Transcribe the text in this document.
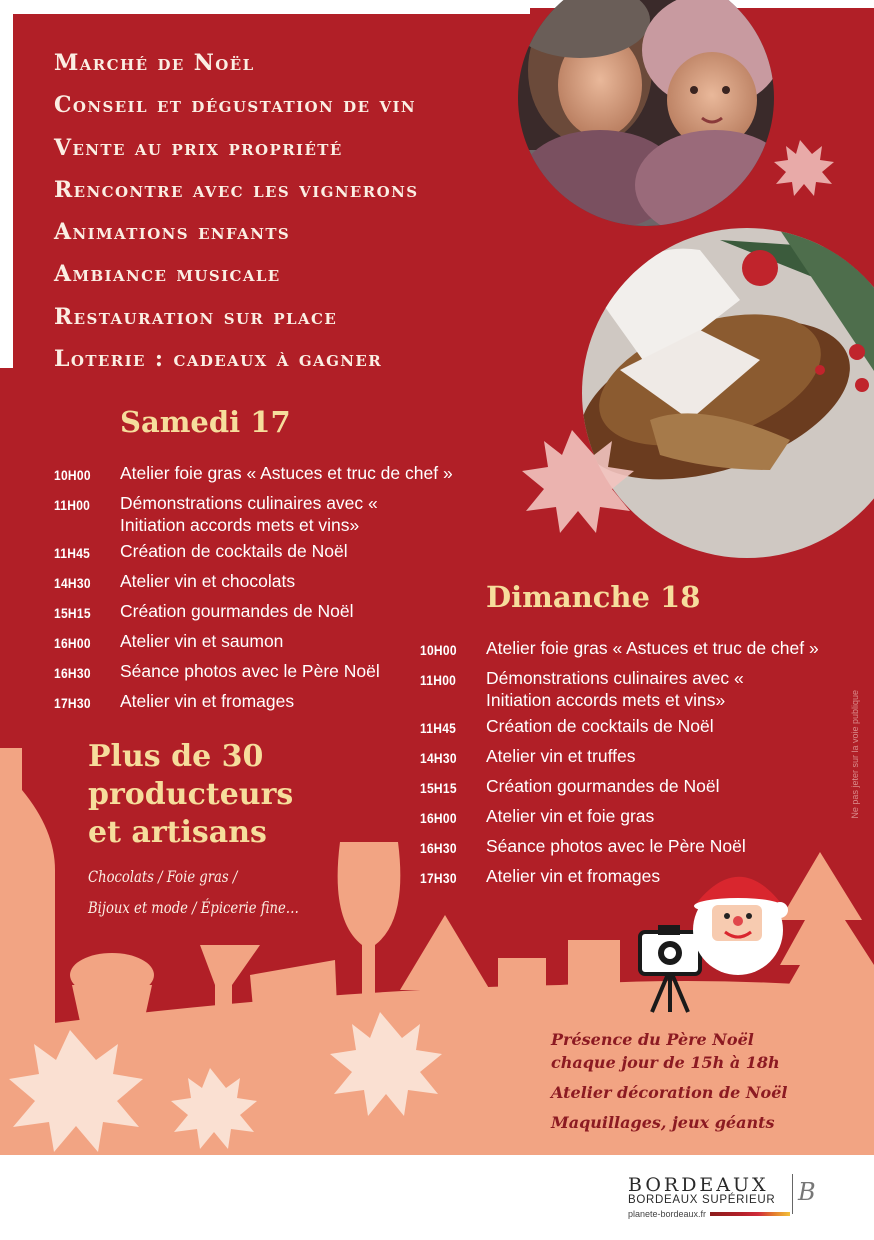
Marché de Noël
Conseil et dégustation de vin
Vente au prix propriété
Rencontre avec les vignerons
Animations enfants
Ambiance musicale
Restauration sur place
Loterie : cadeaux à gagner
Samedi 17
10H00	Atelier foie gras « Astuces et truc de chef »
11H00	Démonstrations culinaires avec « Initiation accords mets et vins»
11H45	Création de cocktails de Noël
14H30	Atelier vin et chocolats
15H15	Création gourmandes de Noël
16H00	Atelier vin et saumon
16H30	Séance photos avec le Père Noël
17H30	Atelier vin et fromages
Dimanche 18
10H00	Atelier foie gras « Astuces et truc de chef »
11H00	Démonstrations culinaires avec « Initiation accords mets et vins»
11H45	Création de cocktails de Noël
14H30	Atelier vin et truffes
15H15	Création gourmandes de Noël
16H00	Atelier vin et foie gras
16H30	Séance photos avec le Père Noël
17H30	Atelier vin et fromages
Plus de 30
producteurs
et artisans
Chocolats / Foie gras /
Bijoux et mode / Épicerie fine…
Ne pas jeter sur la voie publique
Présence du Père Noël

chaque jour de 15h à 18h

Atelier décoration de Noël

Maquillages, jeux géants

BORDEAUX
BORDEAUX SUPÉRIEUR
planete-bordeaux.fr
B
